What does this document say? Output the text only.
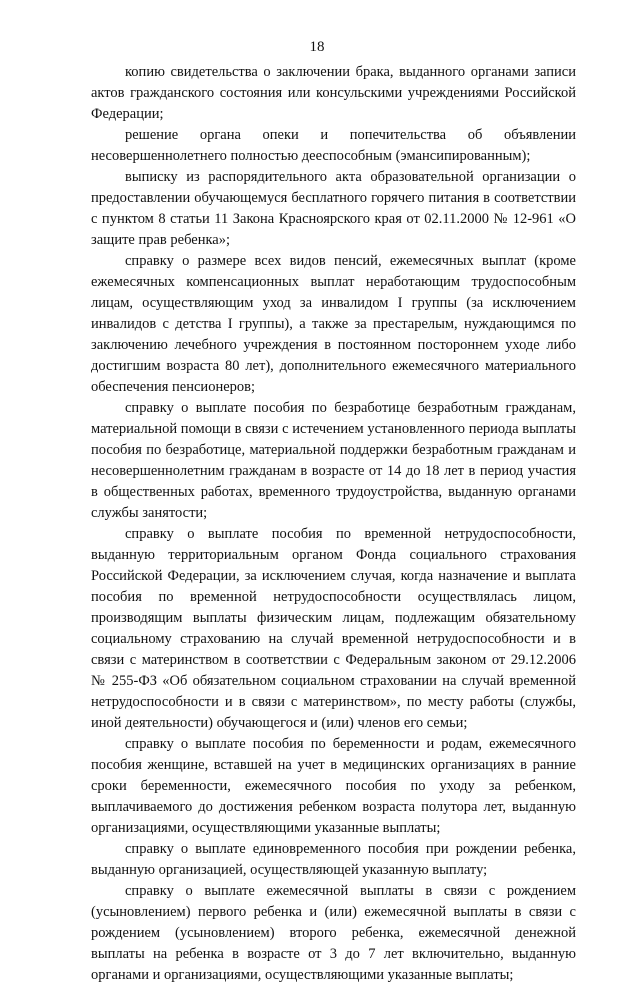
18

копию свидетельства о заключении брака, выданного органами записи актов гражданского состояния или консульскими учреждениями Российской Федерации;

решение органа опеки и попечительства об объявлении несовершеннолетнего полностью дееспособным (эмансипированным);

выписку из распорядительного акта образовательной организации о предоставлении обучающемуся бесплатного горячего питания в соответствии с пунктом 8 статьи 11 Закона Красноярского края от 02.11.2000 № 12-961 «О защите прав ребенка»;

справку о размере всех видов пенсий, ежемесячных выплат (кроме ежемесячных компенсационных выплат неработающим трудоспособным лицам, осуществляющим уход за инвалидом I группы (за исключением инвалидов с детства I группы), а также за престарелым, нуждающимся по заключению лечебного учреждения в постоянном постороннем уходе либо достигшим возраста 80 лет), дополнительного ежемесячного материального обеспечения пенсионеров;

справку о выплате пособия по безработице безработным гражданам, материальной помощи в связи с истечением установленного периода выплаты пособия по безработице, материальной поддержки безработным гражданам и несовершеннолетним гражданам в возрасте от 14 до 18 лет в период участия в общественных работах, временного трудоустройства, выданную органами службы занятости;

справку о выплате пособия по временной нетрудоспособности, выданную территориальным органом Фонда социального страхования Российской Федерации, за исключением случая, когда назначение и выплата пособия по временной нетрудоспособности осуществлялась лицом, производящим выплаты физическим лицам, подлежащим обязательному социальному страхованию на случай временной нетрудоспособности и в связи с материнством в соответствии с Федеральным законом от 29.12.2006 № 255-ФЗ «Об обязательном социальном страховании на случай временной нетрудоспособности и в связи с материнством», по месту работы (службы, иной деятельности) обучающегося и (или) членов его семьи;

справку о выплате пособия по беременности и родам, ежемесячного пособия женщине, вставшей на учет в медицинских организациях в ранние сроки беременности, ежемесячного пособия по уходу за ребенком, выплачиваемого до достижения ребенком возраста полутора лет, выданную организациями, осуществляющими указанные выплаты;

справку о выплате единовременного пособия при рождении ребенка, выданную организацией, осуществляющей указанную выплату;

справку о выплате ежемесячной выплаты в связи с рождением (усыновлением) первого ребенка и (или) ежемесячной выплаты в связи с рождением (усыновлением) второго ребенка, ежемесячной денежной выплаты на ребенка в возрасте от 3 до 7 лет включительно, выданную органами и организациями, осуществляющими указанные выплаты;
